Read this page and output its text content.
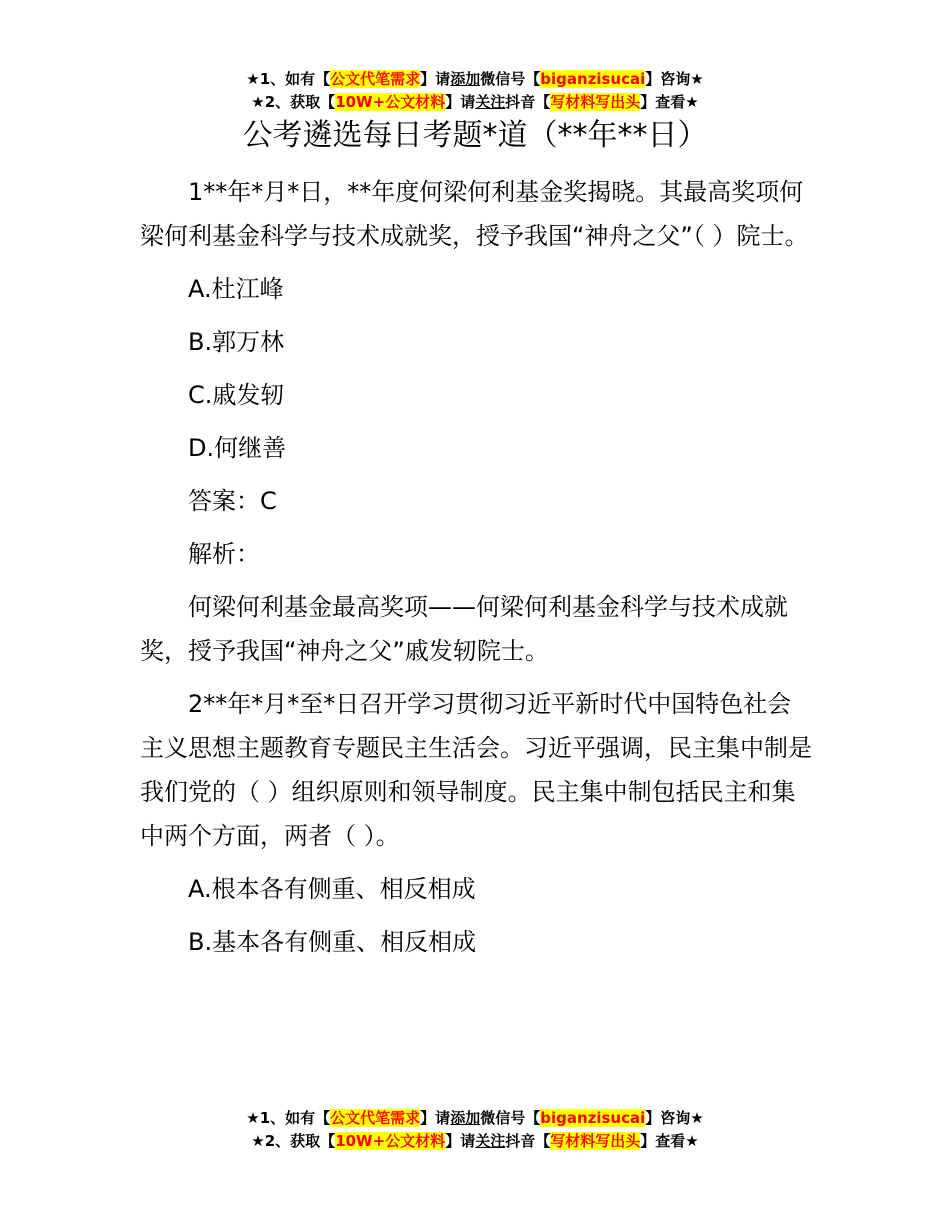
★1、如有【公文代笔需求】请添加微信号【biganzisucai】咨询★
★2、获取【10W+公文材料】请关注抖音【写材料写出头】查看★
公考遴选每日考题*道（**年**日）

1**年*月*日，**年度何梁何利基金奖揭晓。其最高奖项何梁何利基金科学与技术成就奖，授予我国“神舟之父”（ ）院士。

A.杜江峰

B.郭万林

C.戚发轫

D.何继善

答案：C

解析：

何梁何利基金最高奖项——何梁何利基金科学与技术成就奖，授予我国“神舟之父”戚发轫院士。

2**年*月*至*日召开学习贯彻习近平新时代中国特色社会主义思想主题教育专题民主生活会。习近平强调，民主集中制是我们党的（ ）组织原则和领导制度。民主集中制包括民主和集中两个方面，两者（ ）。

A.根本各有侧重、相反相成

B.基本各有侧重、相反相成

★1、如有【公文代笔需求】请添加微信号【biganzisucai】咨询★
★2、获取【10W+公文材料】请关注抖音【写材料写出头】查看★
